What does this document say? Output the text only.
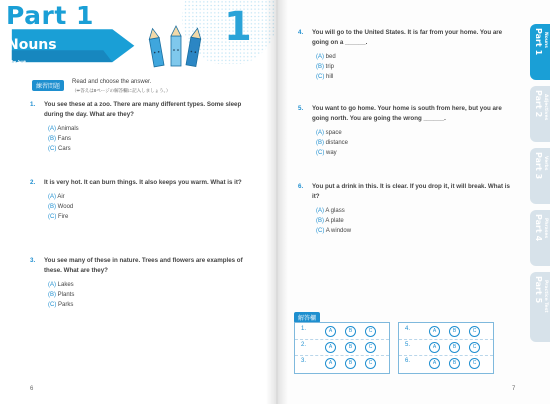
Part 1
Nouns
名詞
1
練習問題
Read and choose the answer.
（✏答えは8ページの解答欄に記入しましょう。）
1. You see these at a zoo. There are many different types. Some sleep during the day. What are they?
(A) Animals
(B) Fans
(C) Cars
2. It is very hot. It can burn things. It also keeps you warm. What is it?
(A) Air
(B) Wood
(C) Fire
3. You see many of these in nature. Trees and flowers are examples of these. What are they?
(A) Lakes
(B) Plants
(C) Parks
6	7
4. You will go to the United States. It is far from your home. You are going on a ______.
(A) bed
(B) trip
(C) hill
5. You want to go home. Your home is south from here, but you are going north. You are going the wrong ______.
(A) space
(B) distance
(C) way
6. You put a drink in this. It is clear. If you drop it, it will break. What is it?
(A) A glass
(B) A plate
(C) A window
解答欄
1.	A	B	C
2.	A	B	C
3.	A	B	C
4.	A	B	C
5.	A	B	C
6.	A	B	C
Part 1 Nouns
Part 2 Adjectives
Part 3 Verbs
Part 4 Phrases
Part 5 Practice Test
